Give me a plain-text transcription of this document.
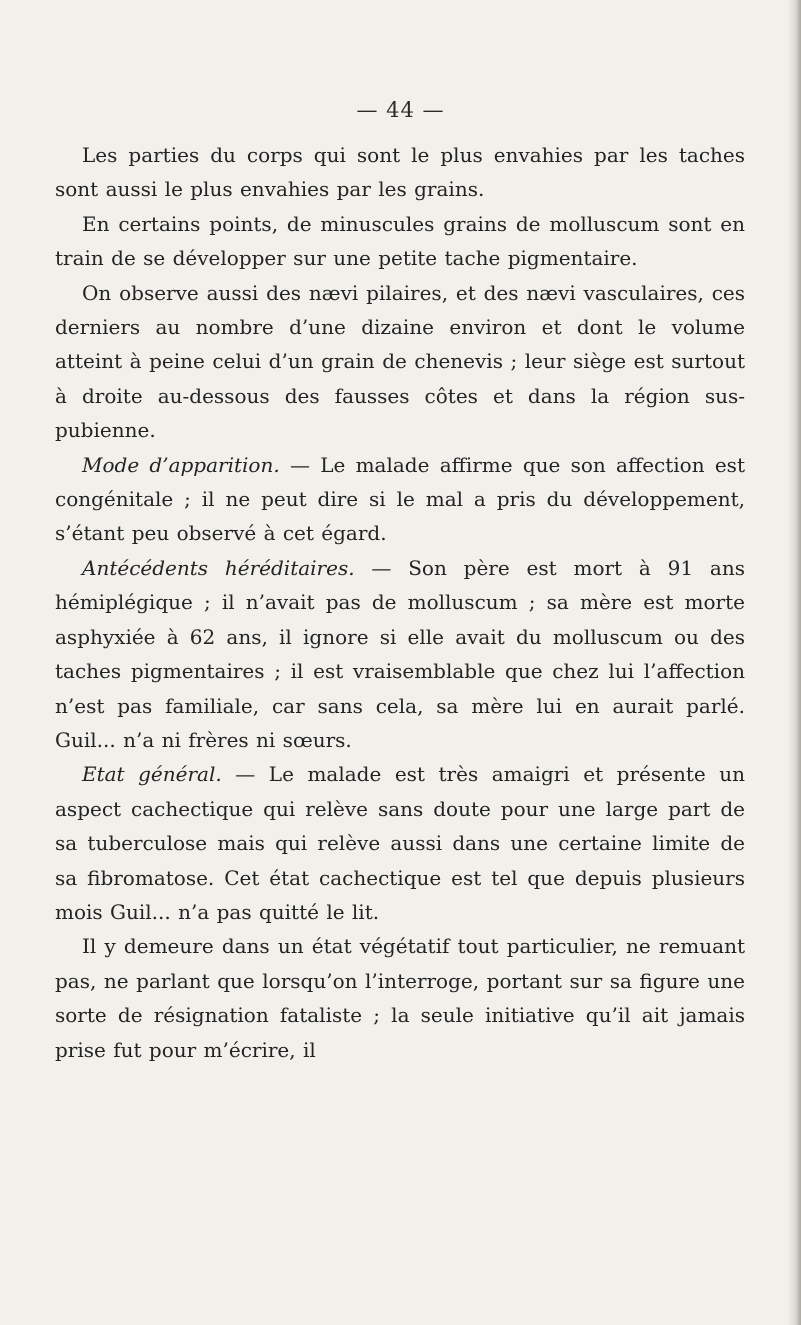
— 44 —

Les parties du corps qui sont le plus envahies par les taches sont aussi le plus envahies par les grains.

En certains points, de minuscules grains de molluscum sont en train de se développer sur une petite tache pigmentaire.

On observe aussi des nævi pilaires, et des nævi vasculaires, ces derniers au nombre d’une dizaine environ et dont le volume atteint à peine celui d’un grain de chenevis ; leur siège est surtout à droite au-dessous des fausses côtes et dans la région sus-pubienne.

Mode d’apparition. — Le malade affirme que son affection est congénitale ; il ne peut dire si le mal a pris du développement, s’étant peu observé à cet égard.

Antécédents héréditaires. — Son père est mort à 91 ans hémiplégique ; il n’avait pas de molluscum ; sa mère est morte asphyxiée à 62 ans, il ignore si elle avait du molluscum ou des taches pigmentaires ; il est vraisemblable que chez lui l’affection n’est pas familiale, car sans cela, sa mère lui en aurait parlé. Guil... n’a ni frères ni sœurs.

Etat général. — Le malade est très amaigri et présente un aspect cachectique qui relève sans doute pour une large part de sa tuberculose mais qui relève aussi dans une certaine limite de sa fibromatose. Cet état cachectique est tel que depuis plusieurs mois Guil... n’a pas quitté le lit.

Il y demeure dans un état végétatif tout particulier, ne remuant pas, ne parlant que lorsqu’on l’interroge, portant sur sa figure une sorte de résignation fataliste ; la seule initiative qu’il ait jamais prise fut pour m’écrire, il
